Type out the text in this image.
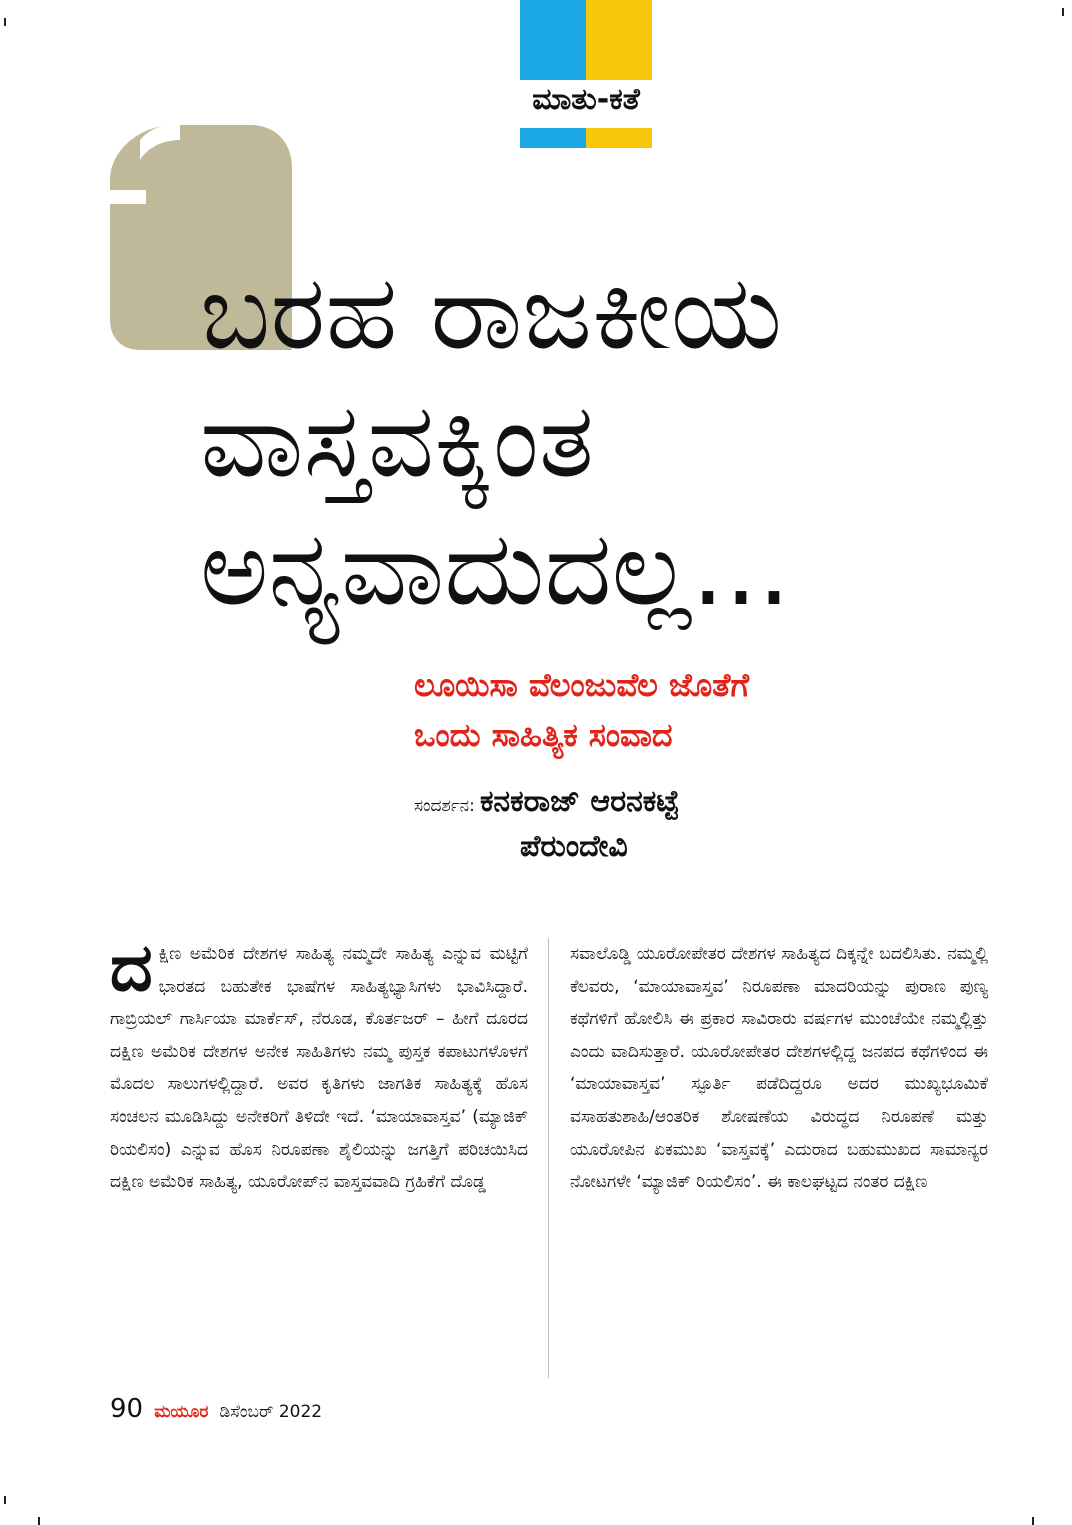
ಮಾತು-ಕತೆ
ಬರಹ ರಾಜಕೀಯ
ವಾಸ್ತವಕ್ಕಿಂತ
ಅನ್ಯವಾದುದಲ್ಲ...
ಲೂಯಿಸಾ ವೆಲಂಜುವೆಲ ಜೊತೆಗೆ
ಒಂದು ಸಾಹಿತ್ಯಿಕ ಸಂವಾದ
ಸಂದರ್ಶನ: ಕನಕರಾಜ್ ಆರನಕಟ್ಟೆ
ಪೆರುಂದೇವಿ
ದ ಕ್ಷಿಣ ಅಮೆರಿಕ ದೇಶಗಳ ಸಾಹಿತ್ಯ ನಮ್ಮದೇ ಸಾಹಿತ್ಯ ಎನ್ನುವ ಮಟ್ಟಿಗೆ ಭಾರತದ ಬಹುತೇಕ ಭಾಷೆಗಳ ಸಾಹಿತ್ಯಭ್ಯಾಸಿಗಳು ಭಾವಿಸಿದ್ದಾರೆ. ಗಾಬ್ರಿಯಲ್ ಗಾರ್ಸಿಯಾ ಮಾರ್ಕೆಸ್, ನೆರೂಡ, ಕೊರ್ತಜರ್ – ಹೀಗೆ ದೂರದ ದಕ್ಷಿಣ ಅಮೆರಿಕ ದೇಶಗಳ ಅನೇಕ ಸಾಹಿತಿಗಳು ನಮ್ಮ ಪುಸ್ತಕ ಕಪಾಟುಗಳೊಳಗೆ ಮೊದಲ ಸಾಲುಗಳಲ್ಲಿದ್ದಾರೆ. ಅವರ ಕೃತಿಗಳು ಜಾಗತಿಕ ಸಾಹಿತ್ಯಕ್ಕೆ ಹೊಸ ಸಂಚಲನ ಮೂಡಿಸಿದ್ದು ಅನೇಕರಿಗೆ ತಿಳಿದೇ ಇದೆ. ‘ಮಾಯಾವಾಸ್ತವ’ (ಮ್ಯಾಜಿಕ್ ರಿಯಲಿಸಂ) ಎನ್ನುವ ಹೊಸ ನಿರೂಪಣಾ ಶೈಲಿಯನ್ನು ಜಗತ್ತಿಗೆ ಪರಿಚಯಿಸಿದ ದಕ್ಷಿಣ ಅಮೆರಿಕ ಸಾಹಿತ್ಯ, ಯೂರೋಪ್‌ನ ವಾಸ್ತವವಾದಿ ಗ್ರಹಿಕೆಗೆ ದೊಡ್ಡ
ಸವಾಲೊಡ್ಡಿ ಯೂರೋಪೇತರ ದೇಶಗಳ ಸಾಹಿತ್ಯದ ದಿಕ್ಕನ್ನೇ ಬದಲಿಸಿತು. ನಮ್ಮಲ್ಲಿ ಕೆಲವರು, ‘ಮಾಯಾವಾಸ್ತವ’ ನಿರೂಪಣಾ ಮಾದರಿಯನ್ನು ಪುರಾಣ ಪುಣ್ಯ ಕಥೆಗಳಿಗೆ ಹೋಲಿಸಿ ಈ ಪ್ರಕಾರ ಸಾವಿರಾರು ವರ್ಷಗಳ ಮುಂಚೆಯೇ ನಮ್ಮಲ್ಲಿತ್ತು ಎಂದು ವಾದಿಸುತ್ತಾರೆ. ಯೂರೋಪೇತರ ದೇಶಗಳಲ್ಲಿದ್ದ ಜನಪದ ಕಥೆಗಳಿಂದ ಈ ‘ಮಾಯಾವಾಸ್ತವ’ ಸ್ಫೂರ್ತಿ ಪಡೆದಿದ್ದರೂ ಅದರ ಮುಖ್ಯಭೂಮಿಕೆ ವಸಾಹತುಶಾಹಿ/ಆಂತರಿಕ ಶೋಷಣೆಯ ವಿರುದ್ಧದ ನಿರೂಪಣೆ ಮತ್ತು ಯೂರೋಪಿನ ಏಕಮುಖ ‘ವಾಸ್ತವಕ್ಕೆ’ ಎದುರಾದ ಬಹುಮುಖದ ಸಾಮಾನ್ಯರ ನೋಟಗಳೇ ‘ಮ್ಯಾಜಿಕ್ ರಿಯಲಿಸಂ’. ಈ ಕಾಲಘಟ್ಟದ ನಂತರ ದಕ್ಷಿಣ
90 ಮಯೂರ ಡಿಸೆಂಬರ್ 2022
